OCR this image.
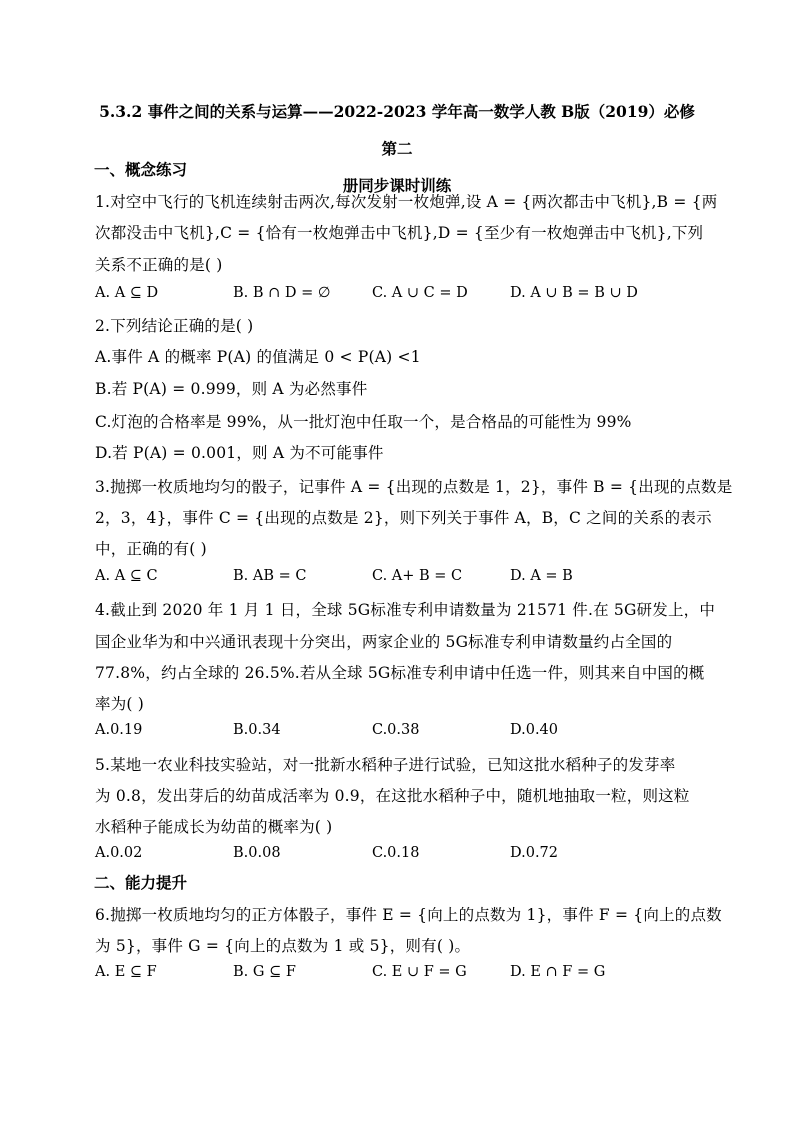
5.3.2 事件之间的关系与运算——2022-2023 学年高一数学人教 B版（2019）必修第二
册同步课时训练
一、概念练习
1.对空中飞行的飞机连续射击两次,每次发射一枚炮弹,设 A = {两次都击中飞机},B = {两
次都没击中飞机},C = {恰有一枚炮弹击中飞机},D = {至少有一枚炮弹击中飞机},下列
关系不正确的是( )
A. A ⊆ D	B. B ∩ D = ∅	C. A ∪ C = D	D. A ∪ B = B ∪ D
2.下列结论正确的是( )
A.事件 A 的概率 P(A) 的值满足 0 < P(A) <1
B.若 P(A) = 0.999，则 A 为必然事件
C.灯泡的合格率是 99%，从一批灯泡中任取一个，是合格品的可能性为 99%
D.若 P(A) = 0.001，则 A 为不可能事件
3.抛掷一枚质地均匀的骰子，记事件 A = {出现的点数是 1，2}，事件 B = {出现的点数是
2，3，4}，事件 C = {出现的点数是 2}，则下列关于事件 A，B，C 之间的关系的表示
中，正确的有( )
A. A ⊆ C	B. AB = C	C. A+ B = C	D. A = B
4.截止到 2020 年 1 月 1 日，全球 5G标准专利申请数量为 21571 件.在 5G研发上，中
国企业华为和中兴通讯表现十分突出，两家企业的 5G标准专利申请数量约占全国的
77.8%，约占全球的 26.5%.若从全球 5G标准专利申请中任选一件，则其来自中国的概
率为( )
A.0.19	B.0.34	C.0.38	D.0.40
5.某地一农业科技实验站，对一批新水稻种子进行试验，已知这批水稻种子的发芽率
为 0.8，发出芽后的幼苗成活率为 0.9，在这批水稻种子中，随机地抽取一粒，则这粒
水稻种子能成长为幼苗的概率为( )
A.0.02	B.0.08	C.0.18	D.0.72
二、能力提升
6.抛掷一枚质地均匀的正方体骰子，事件 E = {向上的点数为 1}，事件 F = {向上的点数
为 5}，事件 G = {向上的点数为 1 或 5}，则有( )。
A. E ⊆ F	B. G ⊆ F	C. E ∪ F = G	D. E ∩ F = G
